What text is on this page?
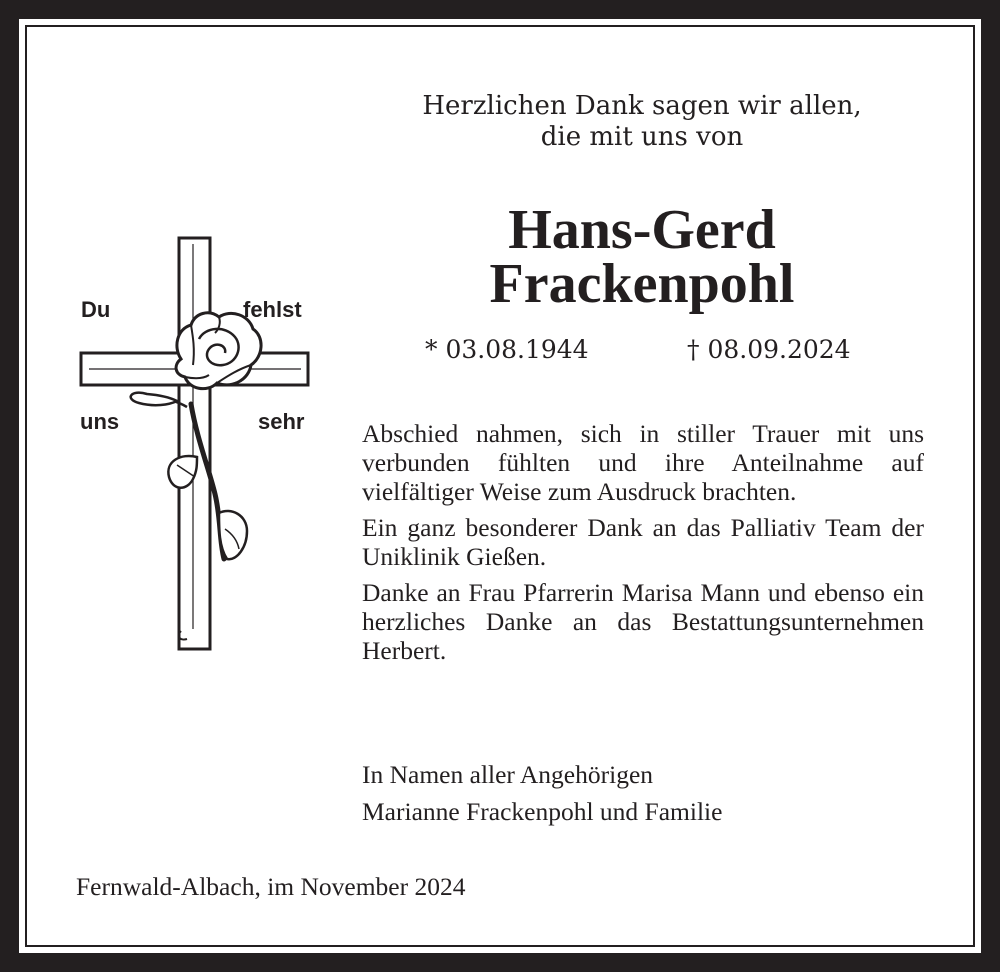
Du	fehlst
uns	sehr
Herzlichen Dank sagen wir allen,
die mit uns von
Hans-Gerd
Frackenpohl
* 03.08.1944	† 08.09.2024

Abschied nahmen, sich in stiller Trauer mit uns verbunden fühlten und ihre Anteilnahme auf vielfältiger Weise zum Ausdruck brachten.

Ein ganz besonderer Dank an das Palliativ Team der Uniklinik Gießen.

Danke an Frau Pfarrerin Marisa Mann und ebenso ein herzliches Danke an das Bestattungsunternehmen Herbert.

In Namen aller Angehörigen
Marianne Frackenpohl und Familie
Fernwald-Albach, im November 2024
